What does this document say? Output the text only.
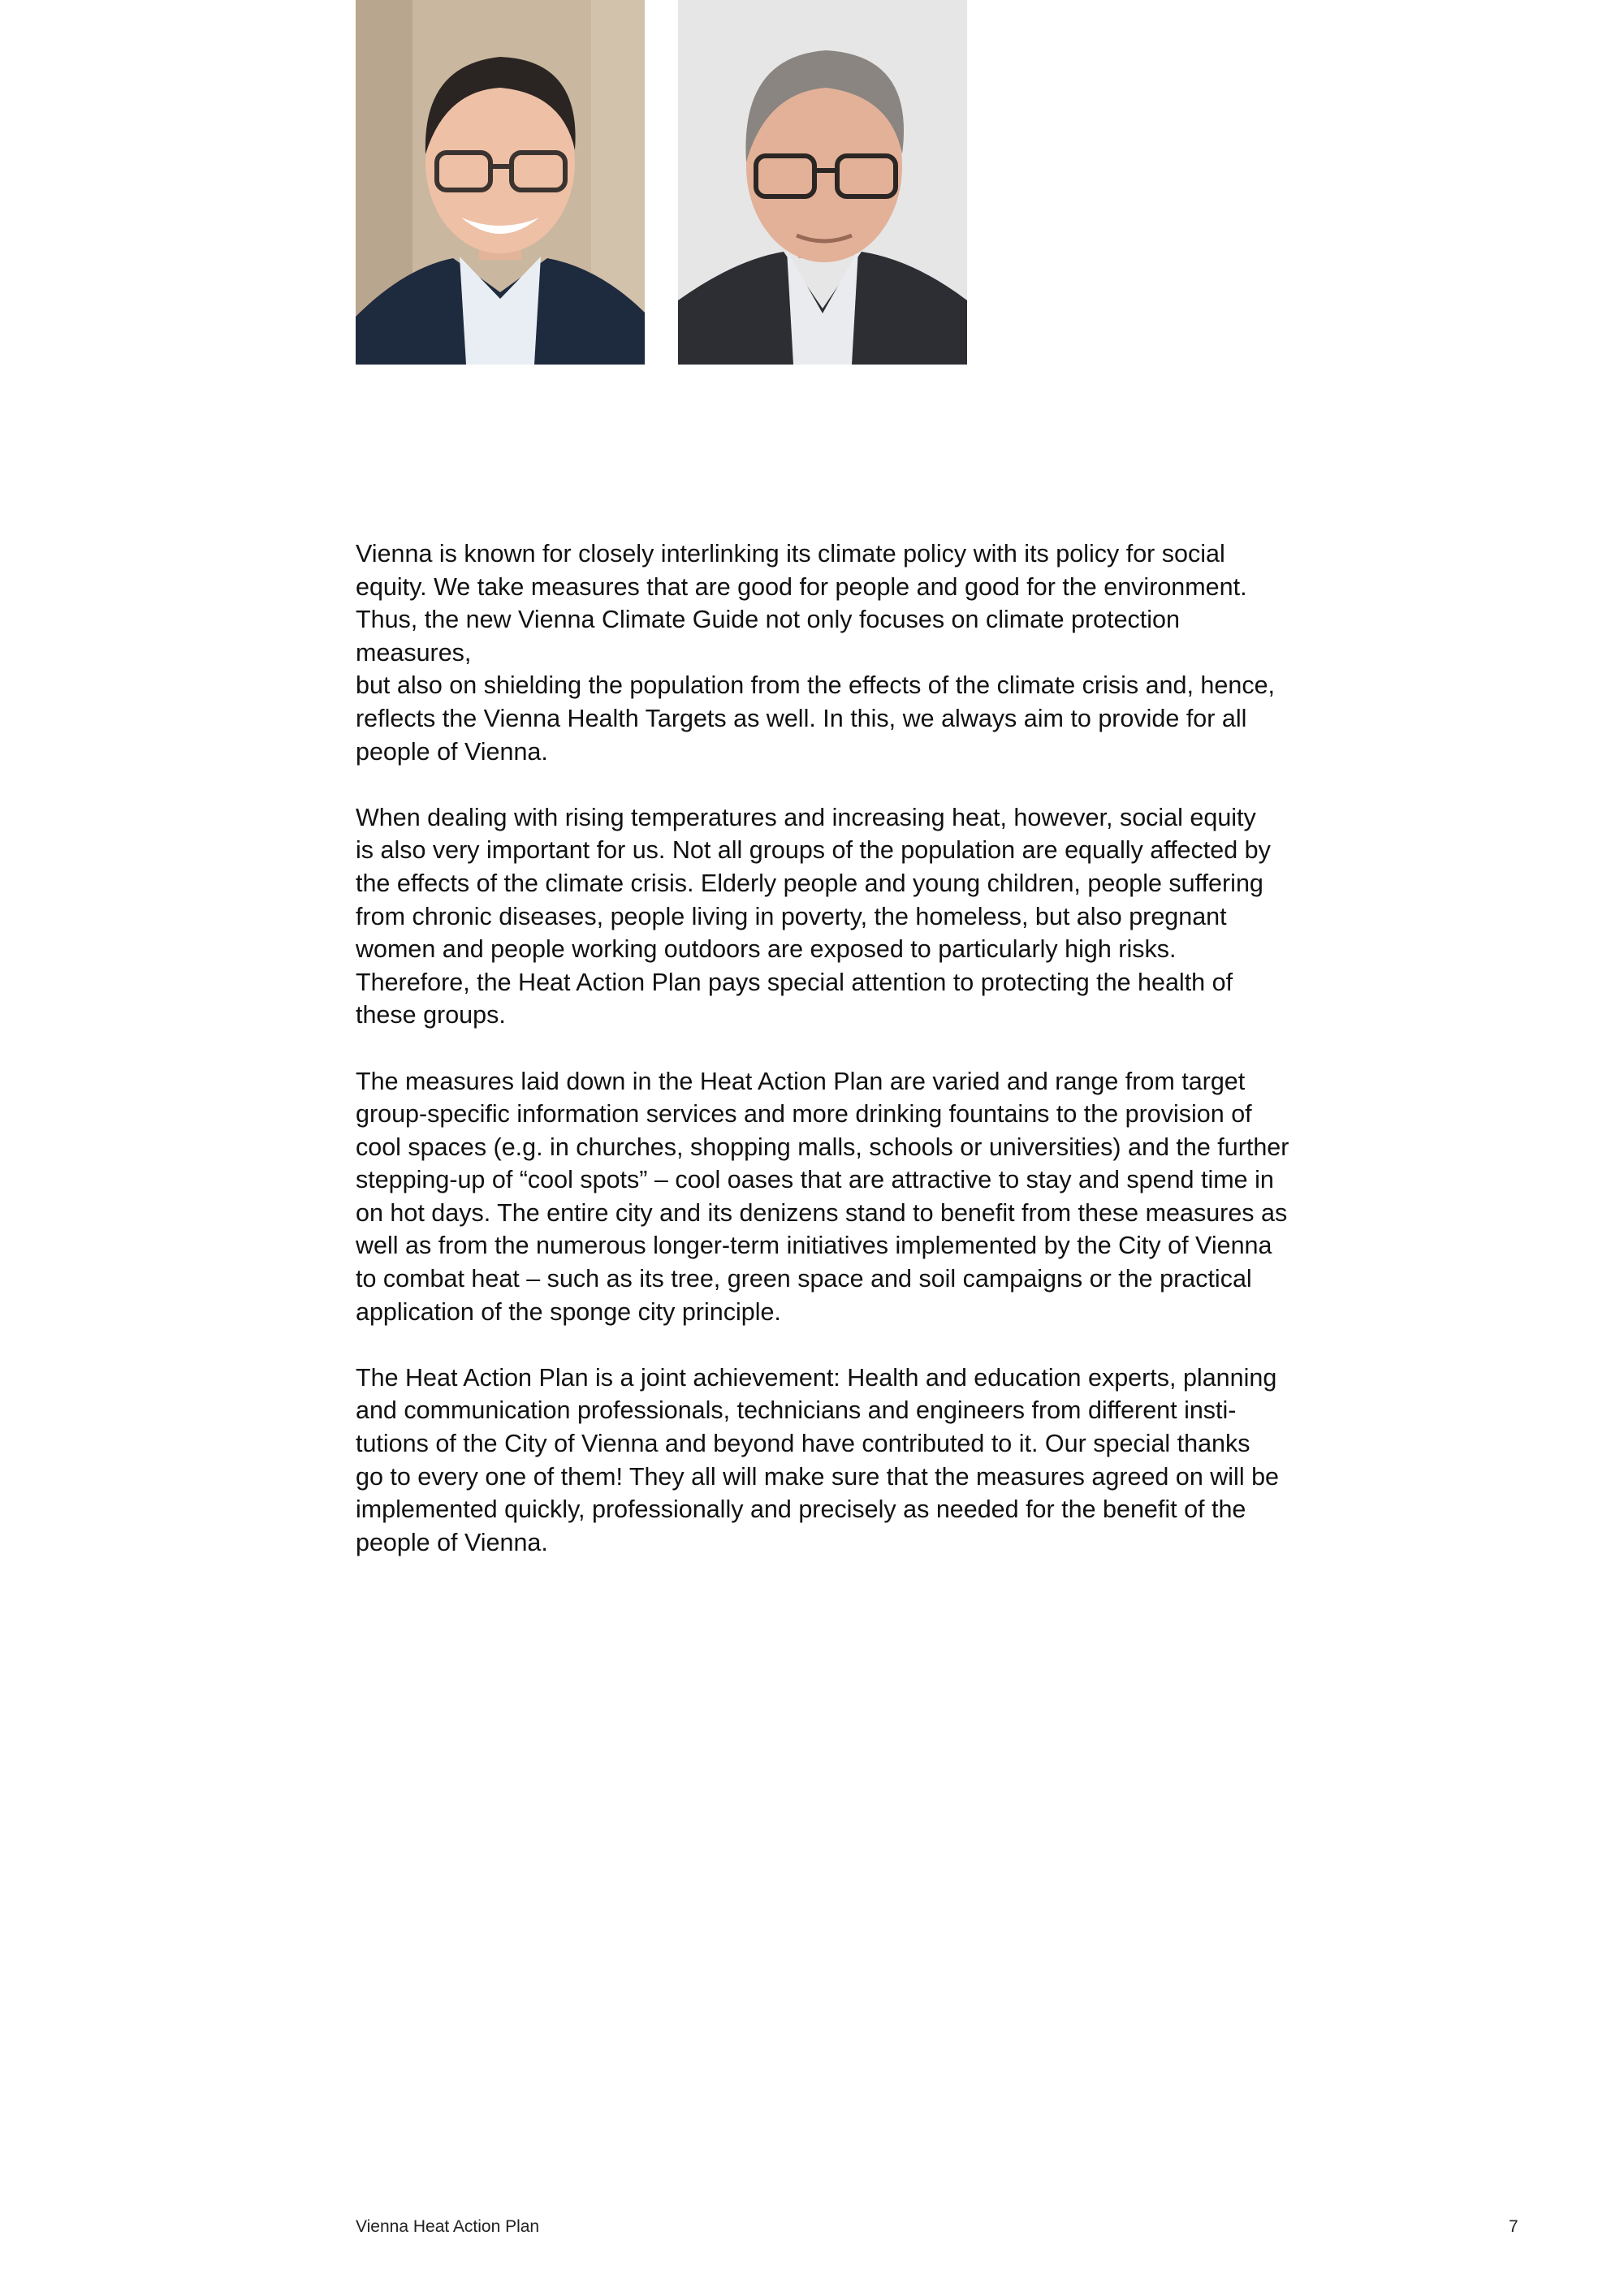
Vienna is known for closely interlinking its climate policy with its policy for social
equity. We take measures that are good for people and good for the environment.
Thus, the new Vienna Climate Guide not only focuses on climate protection measures,
but also on shielding the population from the effects of the climate crisis and, hence,
reflects the Vienna Health Targets as well. In this, we always aim to provide for all
people of Vienna.

When dealing with rising temperatures and increasing heat, however, social equity
is also very important for us. Not all groups of the population are equally affected by
the effects of the climate crisis. Elderly people and young children, people suffering
from chronic diseases, people living in poverty, the homeless, but also pregnant
women and people working outdoors are exposed to particularly high risks.
Therefore, the Heat Action Plan pays special attention to protecting the health of
these groups.

The measures laid down in the Heat Action Plan are varied and range from target
group-specific information services and more drinking fountains to the provision of
cool spaces (e.g. in churches, shopping malls, schools or universities) and the further
stepping-up of “cool spots” – cool oases that are attractive to stay and spend time in
on hot days. The entire city and its denizens stand to benefit from these measures as
well as from the numerous longer-term initiatives implemented by the City of Vienna
to combat heat – such as its tree, green space and soil campaigns or the practical
application of the sponge city principle.

The Heat Action Plan is a joint achievement: Health and education experts, planning
and communication professionals, technicians and engineers from different insti-
tutions of the City of Vienna and beyond have contributed to it. Our special thanks
go to every one of them! They all will make sure that the measures agreed on will be
implemented quickly, professionally and precisely as needed for the benefit of the
people of Vienna.

Vienna Heat Action Plan	7
